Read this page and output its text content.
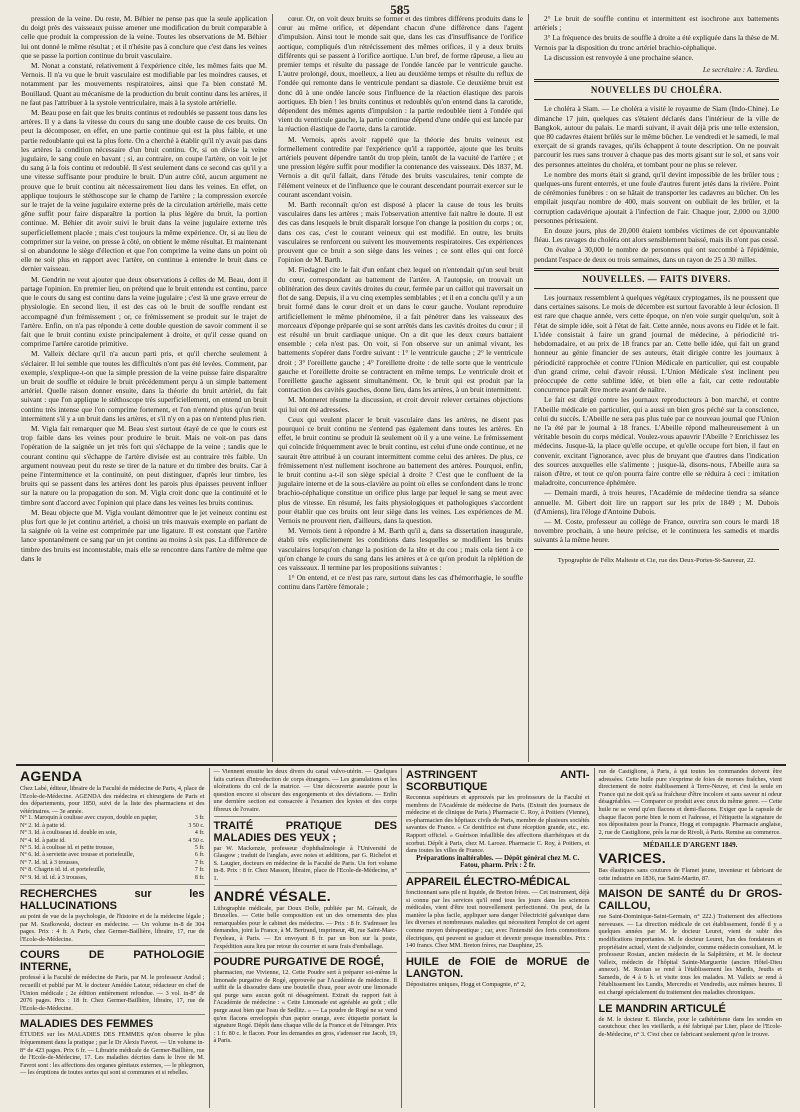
585

pression de la veine. Du reste, M. Béhier ne pense pas que la seule application du doigt près des vaisseaux puisse amener une modification du bruit comparable à celle que produit la compression de la veine. Toutes les observations de M. Béhier lui ont donné le même résultat ; et il n'hésite pas à conclure que c'est dans les veines que se passe la portion continue du bruit vasculaire.

M. Nonat a constaté, relativement à l'expérience citée, les mêmes faits que M. Vernois. Il n'a vu que le bruit vasculaire est modifiable par les moindres causes, et notamment par les mouvements respiratoires, ainsi que l'a bien constaté M. Bouillaud. Quant au mécanisme de la production du bruit continu dans les artères, il ne faut pas l'attribuer à la systole ventriculaire, mais à la systole artérielle.

M. Beau pose en fait que les bruits continus et redoublés se passent tous dans les artères. Il y a dans la vitesse du cours du sang une double cause de ces bruits. On peut la décomposer, en effet, en une partie continue qui est la plus faible, et une partie redoublante qui est la plus forte. On a cherché à établir qu'il n'y avait pas dans les artères la condition nécessaire d'un bruit continu. Or, si on divise la veine jugulaire, le sang coule en bavant ; si, au contraire, on coupe l'artère, on voit le jet du sang à la fois continu et redoublé. Il s'est seulement dans ce second cas qu'il y a une vitesse suffisante pour produire le bruit. D'un autre côté, aucun argument ne prouve que le bruit continu ait nécessairement lieu dans les veines. En effet, on applique toujours le stéthoscope sur le champ de l'artère ; la compression exercée sur le trajet de la veine jugulaire externe près de la circulation artérielle, mais cette gêne suffit pour faire disparaître la portion la plus légère du bruit, la portion continue. M. Béhier dit avoir suivi le bruit dans la veine jugulaire externe très superficiellement placée ; mais c'est toujours la même expérience. Or, si au lieu de comprimer sur la veine, on presse à côté, on obtient le même résultat. Et maintenant si on abandonne le siège d'élection et que l'on comprime la veine dans un point où elle ne soit plus en rapport avec l'artère, on continue à entendre le bruit dans ce dernier vaisseau.

M. Gendrin ne veut ajouter que deux observations à celles de M. Beau, dont il partage l'opinion. En premier lieu, on prétend que le bruit entendu est continu, parce que le cours du sang est continu dans la veine jugulaire ; c'est là une grave erreur de physiologie. En second lieu, il est des cas où le bruit de souffle rendant est accompagné d'un frémissement ; or, ce frémissement se produit sur le trajet de l'artère. Enfin, on n'a pas répondu à cette double question de savoir comment il se fait que le bruit continu existe principalement à droite, et qu'il cesse quand on comprime l'artère carotide primitive.

M. Valleix déclare qu'il n'a aucun parti pris, et qu'il cherche seulement à s'éclairer. Il lui semble que toutes les difficultés n'ont pas été levées. Comment, par exemple, s'explique-t-on que la simple pression de la veine puisse faire disparaître un bruit de souffle et réduire le bruit précédemment perçu à un simple battement artériel. Quelle raison donner ensuite, dans la théorie du bruit artériel, du fait suivant : que l'on applique le stéthoscope très superficiellement, on entend un bruit continu très intense que l'on comprime fortement, et l'on n'entend plus qu'un bruit intermittent s'il y a un bruit dans les artères, et s'il n'y en a pas on n'entend plus rien.

M. Vigla fait remarquer que M. Beau s'est surtout étayé de ce que le cours est trop faible dans les veines pour produire le bruit. Mais ne voit-on pas dans l'opération de la saignée un jet très fort qui s'échappe de la veine ; tandis que le courant continu qui s'échappe de l'artère divisée est au contraire très faible. Un argument nouveau peut du reste se tirer de la nature et du timbre des bruits. Car à peine l'intermittence et la continuité, on peut distinguer, d'après leur timbre, les bruits qui se passent dans les artères dont les parois plus épaisses peuvent influer sur la nature ou la propagation du son. M. Vigla croit donc que la continuité et le timbre sont d'accord avec l'opinion qui place dans les veines les bruits continus.

M. Beau objecte que M. Vigla voulant démontrer que le jet veineux continu est plus fort que le jet continu artériel, a choisi un très mauvais exemple en parlant de la saignée où la veine est comprimée par une ligature. Il est constant que l'artère lance spontanément ce sang par un jet continu au moins à six pas. La différence de timbre des bruits est incontestable, mais elle se rencontre dans l'artère de même que dans le

cœur. Or, on voit deux bruits se former et des timbres différens produits dans le cœur au même orifice, et dépendant chacun d'une différence dans l'agent d'impulsion. Ainsi tout le monde sait que, dans les cas d'insuffisance de l'orifice aortique, compliqués d'un rétrécissement des mêmes orifices, il y a deux bruits différents qui se passent à l'orifice aortique. L'un bref, de forme râpeuse, a lieu au premier temps et résulte du passage de l'ondée lancée par le ventricule gauche. L'autre prolongé, doux, moelleux, a lieu au deuxième temps et résulte du reflux de l'ondée qui remonte dans le ventricule pendant sa diastole. Ce deuxième bruit est donc dû à une ondée lancée sous l'influence de la réaction élastique des parois aortiques. Eh bien ! les bruits continus et redoublés qu'on entend dans la carotide, dépendent des mêmes agents d'impulsion : la partie redoublée tient à l'ondée qui vient du ventricule gauche, la partie continue dépend d'une ondée qui est lancée par la réaction élastique de l'aorte, dans la carotide.

M. Vernois, après avoir rappelé que la théorie des bruits veineux est formellement contredite par l'expérience qu'il a rapportée, ajoute que les bruits artériels peuvent dépendre tantôt du trop plein, tantôt de la vacuité de l'artère ; et une pression légère suffit pour modifier la contenance des vaisseaux. Dès 1837, M. Vernois a dit qu'il fallait, dans l'étude des bruits vasculaires, tenir compte de l'élément veineux et de l'influence que le courant descendant pourrait exercer sur le courant ascendant voisin.

M. Barth reconnaît qu'on est disposé à placer la cause de tous les bruits vasculaires dans les artères ; mais l'observation attentive fait naître le doute. Il est des cas dans lesquels le bruit disparaît lorsque l'on change la position du corps ; or, dans ces cas, c'est le courant veineux qui est modifié. En outre, les bruits vasculaires se renforcent ou suivent les mouvements respiratoires. Ces expériences prouvent que ce bruit a son siège dans les veines ; ce sont elles qui ont forcé l'opinion de M. Barth.

M. Fiedagnel cite le fait d'un enfant chez lequel on n'entendait qu'un seul bruit du cœur, correspondant au battement de l'artère. A l'autopsie, on trouvait un oblitération des deux cavités droites du cœur, fermée par un caillot qui traversait un flot de sang. Depuis, il a vu cinq exemples semblables ; et il en a conclu qu'il y a un bruit formé dans le cœur droit et un dans le cœur gauche. Voulant reproduire artificiellement le même phénomène, il a fait pénétrer dans les vaisseaux des morceaux d'éponge préparée qui se sont arrêtés dans les cavités droites du cœur ; il est résulté un bruit cardiaque unique. On a dit que les deux cœurs battaient ensemble ; cela n'est pas. On voit, si l'on observe sur un animal vivant, les battements s'opérer dans l'ordre suivant : 1° le ventricule gauche ; 2° le ventricule droit ; 3° l'oreillette gauche ; 4° l'oreillette droite : de telle sorte que le ventricule gauche et l'oreillette droite se contractent en même temps. Le ventricule droit et l'oreillette gauche agissent simultanément. Or, le bruit qui est produit par la contraction des cavités gauches, donne lieu, dans les artères, à un bruit intermittent.

M. Monneret résume la discussion, et croit devoir relever certaines objections qui lui ont été adressées.

Ceux qui veulent placer le bruit vasculaire dans les artères, ne disent pas pourquoi ce bruit continu ne s'entend pas également dans toutes les artères. En effet, le bruit continu se produit là seulement où il y a une veine. Le frémissement qui coïncide fréquemment avec le bruit continu, est celui d'une onde continue, et ne saurait être attribué à un courant intermittent comme celui des artères. De plus, ce frémissement n'est nullement isochrone au battement des artères. Pourquoi, enfin, le bruit continu a-t-il son siège spécial à droite ? C'est que le confluent de la jugulaire interne et de la sous-clavière au point où elles se confondent dans le tronc brachio-céphalique constitue un orifice plus large par lequel le sang se meut avec plus de vitesse. En résumé, les faits physiologiques et pathologiques s'accordent pour établir que ces bruits ont leur siège dans les veines. Les expériences de M. Vernois ne prouvent rien, d'ailleurs, dans la question.

M. Vernois tient à répondre à M. Barth qu'il a, dans sa dissertation inaugurale, établi très explicitement les conditions dans lesquelles se modifient les bruits vasculaires lorsqu'on change la position de la tête et du cou ; mais cela tient à ce qu'on change le cours du sang dans les artères et à ce qu'on produit la réplétion de ces vaisseaux. Il termine par les propositions suivantes :

1° On entend, et ce n'est pas rare, surtout dans les cas d'hémorrhagie, le souffle continu dans l'artère fémorale ;

2° Le bruit de souffle continu et intermittent est isochrone aux battements artériels ;

3° La fréquence des bruits de souffle à droite a été expliquée dans la thèse de M. Vernois par la disposition du tronc artériel brachio-céphalique.

La discussion est renvoyée à une prochaine séance.

Le secrétaire : A. Tardieu.
NOUVELLES DU CHOLÉRA.

Le choléra à Siam. — Le choléra a visité le royaume de Siam (Indo-Chine). Le dimanche 17 juin, quelques cas s'étaient déclarés dans l'intérieur de la ville de Bangkok, autour du palais. Le mardi suivant, il avait déjà pris une telle extension, que 80 cadavres étaient brûlés sur le même bûcher. Le vendredi et le samedi, le mal exerçait de si grands ravages, qu'ils échappent à toute description. On ne pouvait parcourir les rues sans trouver à chaque pas des morts gisant sur le sol, et sans voir des personnes atteintes du choléra, et tombant pour ne plus se relever.

Le nombre des morts était si grand, qu'il devint impossible de les brûler tous ; quelques-uns furent enterrés, et une foule d'autres furent jetés dans la rivière. Point de cérémonies funèbres : on se hâtait de transporter les cadavres au bûcher. On les empilait jusqu'au nombre de 400, mais souvent on oubliait de les brûler, et la corruption cadavérique ajoutait à l'infection de l'air. Chaque jour, 2,000 ou 3,000 personnes périssaient.

En douze jours, plus de 20,000 étaient tombées victimes de cet épouvantable fléau. Les ravages du choléra ont alors sensiblement baissé, mais ils n'ont pas cessé.

On évalue à 30,000 le nombre de personnes qui ont succombé à l'épidémie, pendant l'espace de deux ou trois semaines, dans un rayon de 25 à 30 milles.

NOUVELLES. — FAITS DIVERS.

Les journaux ressemblent à quelques végétaux cryptogames, ils ne poussent que dans certaines saisons. Le mois de décembre est surtout favorable à leur éclosion. Il est rare que chaque année, vers cette époque, on n'en voie surgir quelqu'un, soit à l'état de simple idée, soit à l'état de fait. Cette année, nous avons eu l'idée et le fait. L'idée consistait à faire un grand journal de médecine, à périodicité tri-hebdomadaire, et au prix de 18 francs par an. Cette belle idée, qui fait un grand honneur au génie financier de ses auteurs, était dirigée contre les journaux à périodicité rapprochée et contre l'Union Médicale en particulier, qui est coupable d'un grand crime, celui d'avoir réussi. L'Union Médicale s'est inclinent peu préoccupée de cette sublime idée, et bien elle a fait, car cette redoutable concurrence paraît être morte avant de naître.

Le fait est dirigé contre les journaux reproducteurs à bon marché, et contre l'Abeille médicale en particulier, qui a aussi un bien gros péché sur la conscience, celui du succès. L'Abeille ne sera pas plus tuée par ce nouveau journal que l'Union ne l'a été par le journal à 18 francs. L'Abeille répond malheureusement à un véritable besoin du corps médical. Voulez-vous apauvrir l'Abeille ? Enrichissez les médecins. Jusque-là, la place qu'elle occupe, et qu'elle occupe fort bien, il faut en convenir, excitant l'ignorance, avec plus de bruyant que d'autres dans l'indication des sources auxquelles elle s'alimente ; jusque-là, disons-nous, l'Abeille aura sa raison d'être, et tout ce qu'on pourra faire contre elle se réduira à ceci : imitation maladroite, concurrence éphémère.

— Demain mardi, à trois heures, l'Académie de médecine tiendra sa séance annuelle. M. Gibert doit lire un rapport sur les prix de 1849 ; M. Dubois (d'Amiens), lira l'éloge d'Antoine Dubois.

— M. Coste, professeur au collège de France, ouvrira son cours le mardi 18 novembre prochain, à une heure précise, et le continuera les samedis et mardis suivants à la même heure.

Typographie de Félix Malteste et Cie, rue des Deux-Portes-St-Sauveur, 22.
AGENDA

Chez Labé, éditeur, libraire de la Faculté de médecine de Paris, 4, place de l'Ecole-de-Médecine. AGENDA des médecins et chirurgiens de Paris et des départements, pour 1850, suivi de la liste des pharmaciens et des vétérinaires. — 3e année.

N° 1. Maroquin à coulisse avec crayon, double en papier,	3 fr.
N° 2. Id. à patte id.	3 50 c.
N° 3. Id. à coulisseau id. double en soie,	4 fr.
N° 4. Id. à patte id.	4 50 c.
N° 5. Id. à coulisse id. et petite trousse,	5 fr.
N° 6. Id. à serviette avec trousse et portefeuille,	6 fr.
N° 7. Id. id. à 3 trousses,	7 fr.
N° 8. Chagrin id. id. et portefeuille,	7 fr.
N° 9. Id. id. id. à 3 trousses,	8 fr.
RECHERCHES sur les HALLUCINATIONS

au point de vue de la psychologie, de l'histoire et de la médecine légale ; par M. Szafkowski, docteur en médecine. — Un volume in-8 de 304 pages. Prix : 4 fr. A Paris, chez Germer-Baillière, libraire, 17, rue de l'Ecole-de-Médecine.

COURS DE PATHOLOGIE INTERNE,

professé à la Faculté de médecine de Paris, par M. le professeur Andral ; recueilli et publié par M. le docteur Amédée Latour, rédacteur en chef de l'Union médicale ; 2e édition entièrement refondue. — 3 vol. in-8° de 2076 pages. Prix : 18 fr. Chez Germer-Baillière, libraire, 17, rue de l'Ecole-de-Médecine.

MALADIES DES FEMMES

ÉTUDES sur les MALADIES DES FEMMES qu'on observe le plus fréquemment dans la pratique ; par le Dr Alexis Favrot. — Un volume in-8° de 423 pages. Prix 6 fr. — Librairie médicale de Germer-Baillière, rue de l'Ecole-de-Médecine, 17. Les maladies décrites dans le livre de M. Favrot sont : les affections des organes génitaux externes, — le phlegmon, — les éruptions de toutes sortes qui sont si communes et si rebelles.

— Viennent ensuite les deux divers du canal vulvo-utérin. — Quelques faits curieux d'introduction de corps étrangers. — Les granulations et les ulcérations du col de la matrice. — Une découverte assurée pour la question encore si obscure des engorgements et des déviations. — Enfin une dernière section est consacrée à l'examen des kystes et des corps fibreux de l'ovaire.

TRAITÉ PRATIQUE DES MALADIES DES YEUX ;

par W. Mackenzie, professeur d'ophthalmologie à l'Université de Glasgow ; traduit de l'anglais, avec notes et additions, par G. Richelot et S. Laugier, docteurs en médecine de la Faculté de Paris. Un fort volume in-8. Prix : 8 fr. Chez Masson, libraire, place de l'Ecole-de-Médecine, n° 1.

ANDRÉ VÉSALE.

Lithographie médicale, par Doux Dolle, publiée par M. Gérault, de Bruxelles. — Cette belle composition est un des ornements des plus remarquables pour le cabinet des médecins. — Prix : 8 fr. S'adresser les demandes, joint la France, à M. Bertrand, imprimeur, 48, rue Saint-Marc-Feydeau, à Paris. — En envoyant 8 fr. par un bon sur la poste, l'expédition aura lieu par retour du courrier et sans frais d'emballage.

POUDRE PURGATIVE DE ROGÉ,

pharmacien, rue Vivienne, 12. Cette Poudre sert à préparer soi-même la limonade purgative de Rogé, approuvée par l'Académie de médecine. Il suffit de la dissoudre dans une bouteille d'eau, pour avoir une limonade qui purge sans aucun goût ni désagrément. Extrait du rapport fait à l'Académie de médecine : « Cette Limonade est agréable au goût ; elle purge aussi bien que l'eau de Sedlitz. » — La poudre de Rogé ne se vend qu'en flacons enveloppés d'un papier orange, avec étiquette portant la signature Rogé. Dépôt dans chaque ville de la France et de l'étranger. Prix : 1 fr. 80 c. le flacon. Pour les demandes en gros, s'adresser rue Jacob, 19, à Paris.

ASTRINGENT ANTI-SCORBUTIQUE

Reconnus supérieurs et approuvés par les professeurs de la Faculté et membres de l'Académie de médecine de Paris. (Extrait des journaux de médecine et de clinique de Paris.) Pharmacie C. Roy, à Poitiers (Vienne), ex-pharmacien des hôpitaux civils de Paris, membre de plusieurs sociétés savantes de France. « Ce dentifrice est d'une réception grande, etc., etc. Rapport officiel. » Guérison infaillible des affections diarrhéiques et du scorbut. Dépôt à Paris, chez M. Laroze. Pharmacie C. Roy, à Poitiers, et dans toutes les villes de France.

Préparations inaltérables. — Dépôt général chez M. C. Fatou, pharm. Prix : 2 fr.

APPAREIL ÉLECTRO-MÉDICAL

fonctionnant sans pile ni liquide, de Breton frères. — Cet instrument, déjà si connu par les services qu'il rend tous les jours dans les sciences médicales, vient d'être tout nouvellement perfectionné. On peut, de la manière la plus facile, appliquer sans danger l'électricité galvanique dans les diverses et nombreuses maladies qui nécessitent l'emploi de cet agent comme moyen thérapeutique ; car, avec l'intensité des forts commotions électriques, qui peuvent se graduer et devenir presque insensibles. Prix : 140 francs. Chez MM. Breton frères, rue Dauphine, 25.

HUILE de FOIE de MORUE de LANGTON.

Dépositaires uniques, Hogg et Compagnie, n° 2,

rue de Castiglione, à Paris, à qui toutes les commandes doivent être adressées. Cette huile pure s'exprime de foies de morues fraîches, vient directement de notre établissement à Terre-Neuve, et c'est la seule en France qui ne doit qu'à sa fraîcheur d'être incolore et sans saveur ni odeur désagréables. — Comparer ce produit avec ceux du même genre. — Cette huile ne se vend qu'en flacons et demi-flacons. Exiger que la capsule de chaque flacon porte bien le nom et l'adresse, et l'étiquette la signature de nos dépositaires pour la France, Hogg et compagnie. Pharmacie anglaise, 2, rue de Castiglione, près la rue de Rivoli, à Paris. Remise au commerce.

MÉDAILLE D'ARGENT 1849.

VARICES.

Bas élastiques sans coutures de Flamet jeune, inventeur et fabricant de cette industrie en 1836, rue Saint-Martin, 87.

MAISON DE SANTÉ du Dr GROS-CAILLOU,

rue Saint-Dominique-Saint-Germain, n° 222.) Traitement des affections nerveuses. — La direction médicale de cet établissement, fondé il y a quelques années par M. le docteur Leuret, vient de subir des modifications importantes. M. le docteur Leuret, l'un des fondateurs et propriétaire actuel, vient de s'adjoindre, comme médecin consultant, M. le professeur Rostan, ancien médecin de la Salpêtrière, et M. le docteur Valleix, médecin de l'hôpital Sainte-Marguerite (ancien Hôtel-Dieu annexe). M. Rostan se rend à l'établissement les Mardis, Jeudis et Samedis, de 4 à 6 h. et visite tous les malades. M. Valleix se rend à l'établissement les Lundis, Mercredis et Vendredis, aux mêmes heures. Il est chargé spécialement du traitement des maladies chroniques.

LE MANDRIN ARTICULÉ

de M. le docteur E. Blanche, pour le cathétérisme dans les sondes en caoutchouc chez les vieillards, a été fabriqué par Lüer, place de l'Ecole-de-Médecine, n° 3. C'est chez ce fabricant seulement qu'on le trouve.
